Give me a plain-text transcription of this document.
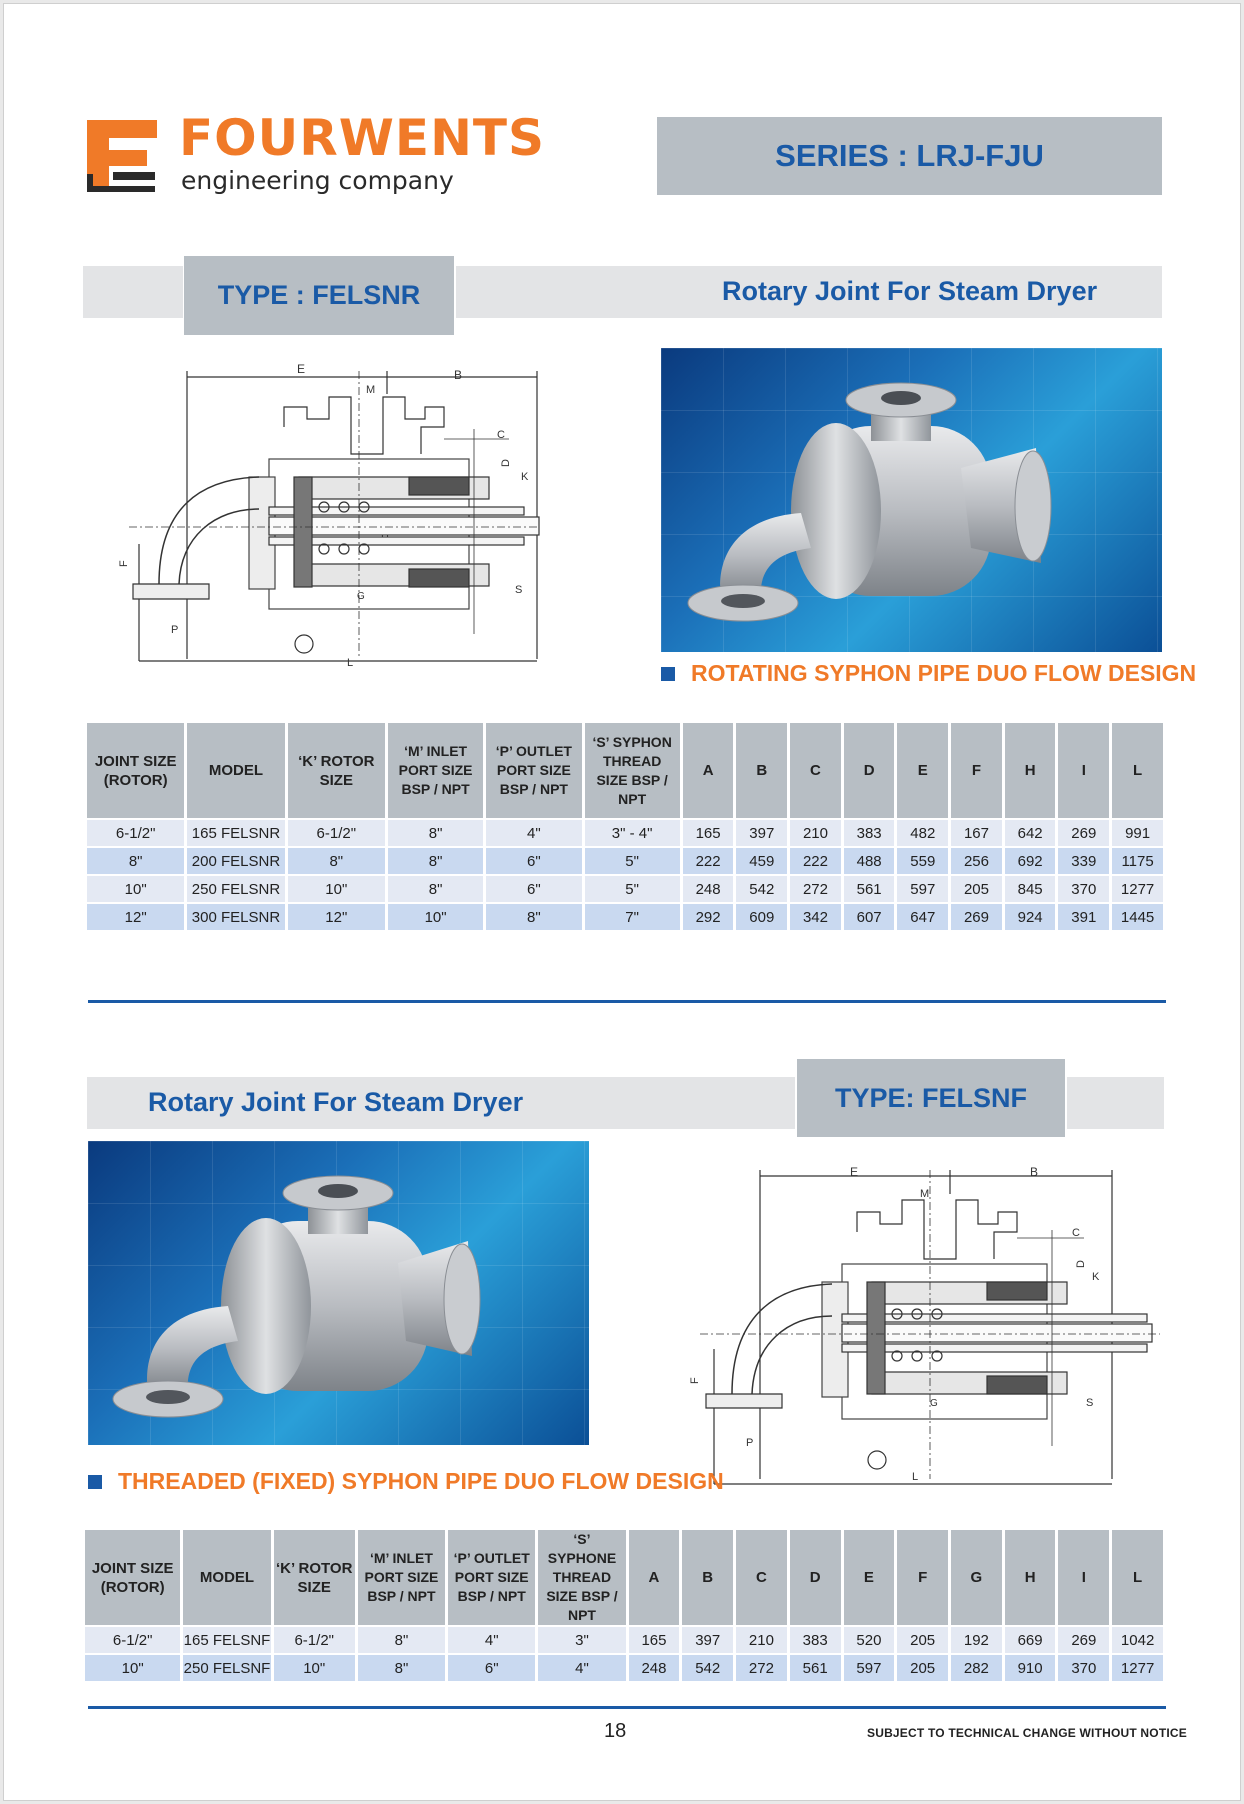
FOURWENTS
engineering company
SERIES : LRJ-FJU
TYPE : FELSNR	Rotary Joint For Steam Dryer
E	B
M
C
D
K
F
P
G
S
L	ROTATING SYPHON PIPE DUO FLOW DESIGN
JOINT SIZE (ROTOR)	MODEL	‘K’ ROTOR SIZE	‘M’ INLET PORT SIZE BSP / NPT	‘P’ OUTLET PORT SIZE BSP / NPT	‘S’ SYPHON THREAD SIZE BSP / NPT	A	B	C	D	E	F	H	I	L
6-1/2"	165 FELSNR	6-1/2"	8"	4"	3" - 4"	165	397	210	383	482	167	642	269	991
8"	200 FELSNR	8"	8"	6"	5"	222	459	222	488	559	256	692	339	1175
10"	250 FELSNR	10"	8"	6"	5"	248	542	272	561	597	205	845	370	1277
12"	300 FELSNR	12"	10"	8"	7"	292	609	342	607	647	269	924	391	1445
Rotary Joint For Steam Dryer	TYPE: FELSNF
E	B
M
C
D
K
F
P
G	S
L
THREADED (FIXED) SYPHON PIPE DUO FLOW DESIGN
JOINT SIZE (ROTOR)	MODEL	‘K’ ROTOR SIZE	‘M’ INLET PORT SIZE BSP / NPT	‘P’ OUTLET PORT SIZE BSP / NPT	‘S’ SYPHONE THREAD SIZE BSP / NPT	A	B	C	D	E	F	G	H	I	L
6-1/2"	165 FELSNF	6-1/2"	8"	4"	3"	165	397	210	383	520	205	192	669	269	1042
10"	250 FELSNF	10"	8"	6"	4"	248	542	272	561	597	205	282	910	370	1277
18	SUBJECT TO TECHNICAL CHANGE WITHOUT NOTICE
